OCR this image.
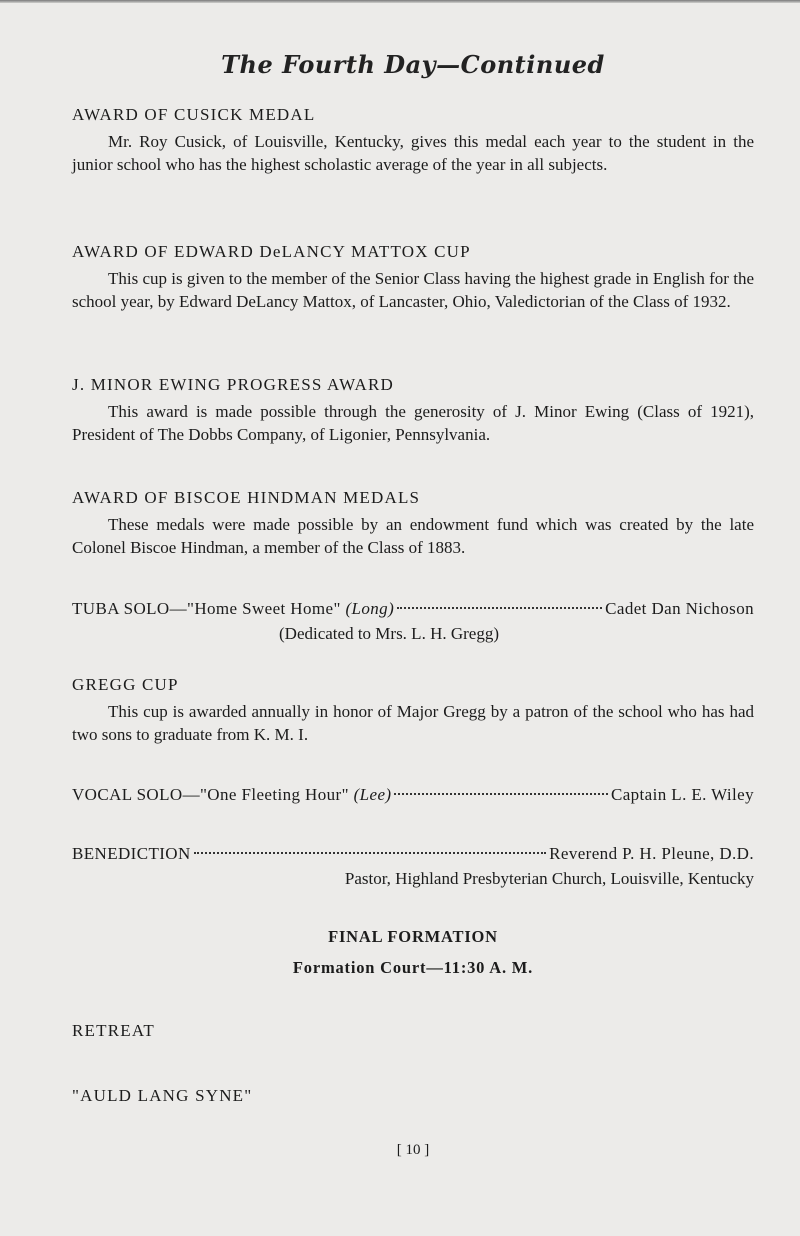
The Fourth Day—Continued

AWARD OF CUSICK MEDAL

Mr. Roy Cusick, of Louisville, Kentucky, gives this medal each year to the student in the junior school who has the highest scholastic average of the year in all subjects.

AWARD OF EDWARD DeLANCY MATTOX CUP

This cup is given to the member of the Senior Class having the highest grade in English for the school year, by Edward DeLancy Mattox, of Lancaster, Ohio, Valedictorian of the Class of 1932.

J. MINOR EWING PROGRESS AWARD

This award is made possible through the generosity of J. Minor Ewing (Class of 1921), President of The Dobbs Company, of Ligonier, Pennsylvania.

AWARD OF BISCOE HINDMAN MEDALS

These medals were made possible by an endowment fund which was created by the late Colonel Biscoe Hindman, a member of the Class of 1883.

TUBA SOLO—"Home Sweet Home" (Long)	Cadet Dan Nichoson
(Dedicated to Mrs. L. H. Gregg)

GREGG CUP

This cup is awarded annually in honor of Major Gregg by a patron of the school who has had two sons to graduate from K. M. I.

VOCAL SOLO—"One Fleeting Hour" (Lee)	Captain L. E. Wiley
BENEDICTION	Reverend P. H. Pleune, D.D.
Pastor, Highland Presbyterian Church, Louisville, Kentucky
FINAL FORMATION
Formation Court—11:30 A. M.
RETREAT
"AULD LANG SYNE"
[ 10 ]
